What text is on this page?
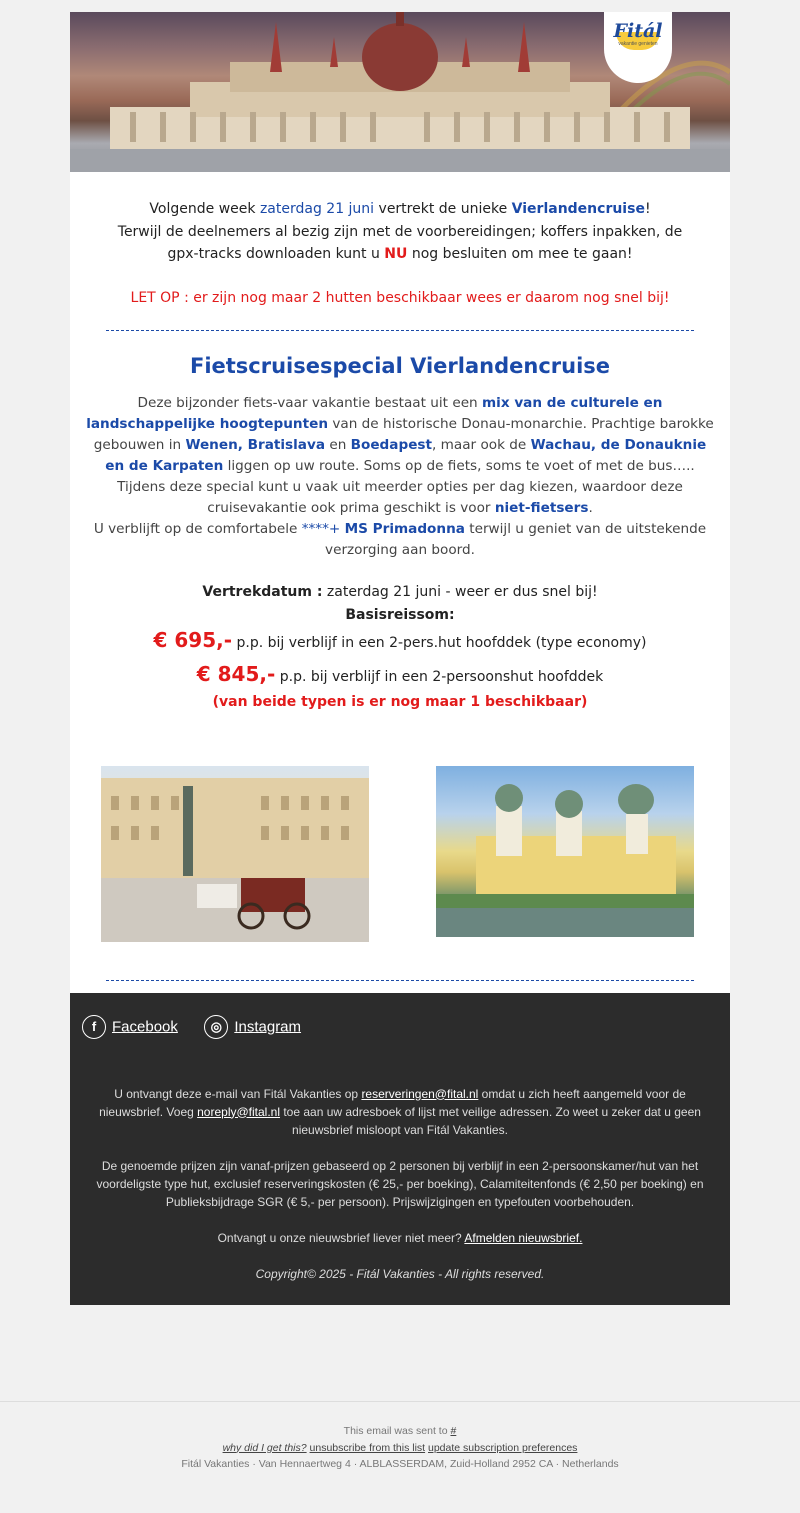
Fitál
vakantie genieten
Volgende week zaterdag 21 juni vertrekt de unieke Vierlandencruise!
Terwijl de deelnemers al bezig zijn met de voorbereidingen; koffers inpakken, de gpx-tracks downloaden kunt u NU nog besluiten om mee te gaan!
LET OP : er zijn nog maar 2 hutten beschikbaar wees er daarom nog snel bij!
Fietscruisespecial Vierlandencruise
Deze bijzonder fiets-vaar vakantie bestaat uit een mix van de culturele en landschappelijke hoogtepunten van de historische Donau-monarchie. Prachtige barokke gebouwen in Wenen, Bratislava en Boedapest, maar ook de Wachau, de Donauknie en de Karpaten liggen op uw route. Soms op de fiets, soms te voet of met de bus…..
Tijdens deze special kunt u vaak uit meerder opties per dag kiezen, waardoor deze cruisevakantie ook prima geschikt is voor niet-fietsers.
U verblijft op de comfortabele ****+ MS Primadonna terwijl u geniet van de uitstekende verzorging aan boord.
Vertrekdatum : zaterdag 21 juni - weer er dus snel bij!
Basisreissom:
€ 695,- p.p. bij verblijf in een 2-pers.hut hoofddek (type economy)
€ 845,- p.p. bij verblijf in een 2-persoonshut hoofddek
(van beide typen is er nog maar 1 beschikbaar)
f Facebook	◎ Instagram

U ontvangt deze e-mail van Fitál Vakanties op reserveringen@fital.nl omdat u zich heeft aangemeld voor de nieuwsbrief. Voeg noreply@fital.nl toe aan uw adresboek of lijst met veilige adressen. Zo weet u zeker dat u geen nieuwsbrief misloopt van Fitál Vakanties.

De genoemde prijzen zijn vanaf-prijzen gebaseerd op 2 personen bij verblijf in een 2-persoonskamer/hut van het voordeligste type hut, exclusief reserveringskosten (€ 25,- per boeking), Calamiteitenfonds (€ 2,50 per boeking) en Publieksbijdrage SGR (€ 5,- per persoon). Prijswijzigingen en typefouten voorbehouden.

Ontvangt u onze nieuwsbrief liever niet meer? Afmelden nieuwsbrief.

Copyright© 2025 - Fitál Vakanties - All rights reserved.

This email was sent to #
why did I get this? unsubscribe from this list update subscription preferences
Fitál Vakanties · Van Hennaertweg 4 · ALBLASSERDAM, Zuid-Holland 2952 CA · Netherlands
